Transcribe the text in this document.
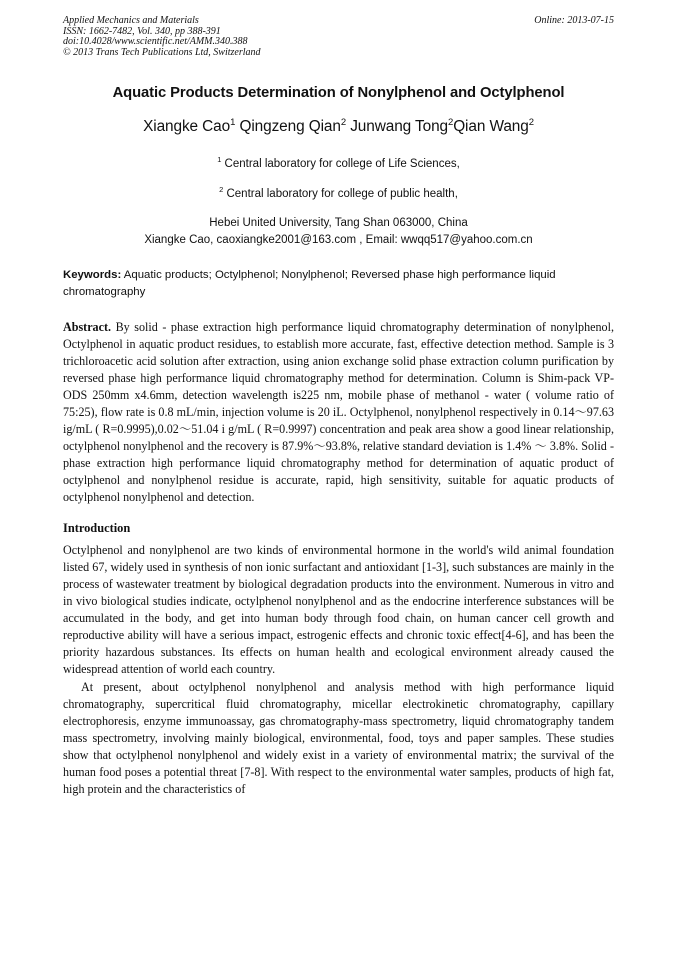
Applied Mechanics and Materials
ISSN: 1662-7482, Vol. 340, pp 388-391
doi:10.4028/www.scientific.net/AMM.340.388
© 2013 Trans Tech Publications Ltd, Switzerland
Online: 2013-07-15
Aquatic Products Determination of Nonylphenol and Octylphenol
Xiangke Cao$^1$ Qingzeng Qian$^2$ Junwang Tong$^2$Qian Wang$^2$
$^1$ Central laboratory for college of Life Sciences,
$^2$ Central laboratory for college of public health,
Hebei United University, Tang Shan 063000, China
Xiangke Cao, caoxiangke2001@163.com , Email: wwqq517@yahoo.com.cn
Keywords: Aquatic products; Octylphenol; Nonylphenol; Reversed phase high performance liquid chromatography
Abstract. By solid - phase extraction high performance liquid chromatography determination of nonylphenol, Octylphenol in aquatic product residues, to establish more accurate, fast, effective detection method. Sample is 3 trichloroacetic acid solution after extraction, using anion exchange solid phase extraction column purification by reversed phase high performance liquid chromatography method for determination. Column is Shim-pack VP-ODS 250mm x4.6mm, detection wavelength is225 nm, mobile phase of methanol - water ( volume ratio of 75:25), flow rate is 0.8 mL/min, injection volume is 20 iL. Octylphenol, nonylphenol respectively in 0.14～97.63 ig/mL ( R=0.9995),0.02～51.04 i g/mL ( R=0.9997) concentration and peak area show a good linear relationship, octylphenol nonylphenol and the recovery is 87.9%～93.8%, relative standard deviation is 1.4% ～ 3.8%. Solid - phase extraction high performance liquid chromatography method for determination of aquatic product of octylphenol and nonylphenol residue is accurate, rapid, high sensitivity, suitable for aquatic products of octylphenol nonylphenol and detection.
Introduction
Octylphenol and nonylphenol are two kinds of environmental hormone in the world's wild animal foundation listed 67, widely used in synthesis of non ionic surfactant and antioxidant [1-3], such substances are mainly in the process of wastewater treatment by biological degradation products into the environment. Numerous in vitro and in vivo biological studies indicate, octylphenol nonylphenol and as the endocrine interference substances will be accumulated in the body, and get into human body through food chain, on human cancer cell growth and reproductive ability will have a serious impact, estrogenic effects and chronic toxic effect[4-6], and has been the priority hazardous substances. Its effects on human health and ecological environment already caused the widespread attention of world each country.
At present, about octylphenol nonylphenol and analysis method with high performance liquid chromatography, supercritical fluid chromatography, micellar electrokinetic chromatography, capillary electrophoresis, enzyme immunoassay, gas chromatography-mass spectrometry, liquid chromatography tandem mass spectrometry, involving mainly biological, environmental, food, toys and paper samples. These studies show that octylphenol nonylphenol and widely exist in a variety of environmental matrix; the survival of the human food poses a potential threat [7-8]. With respect to the environmental water samples, products of high fat, high protein and the characteristics of
